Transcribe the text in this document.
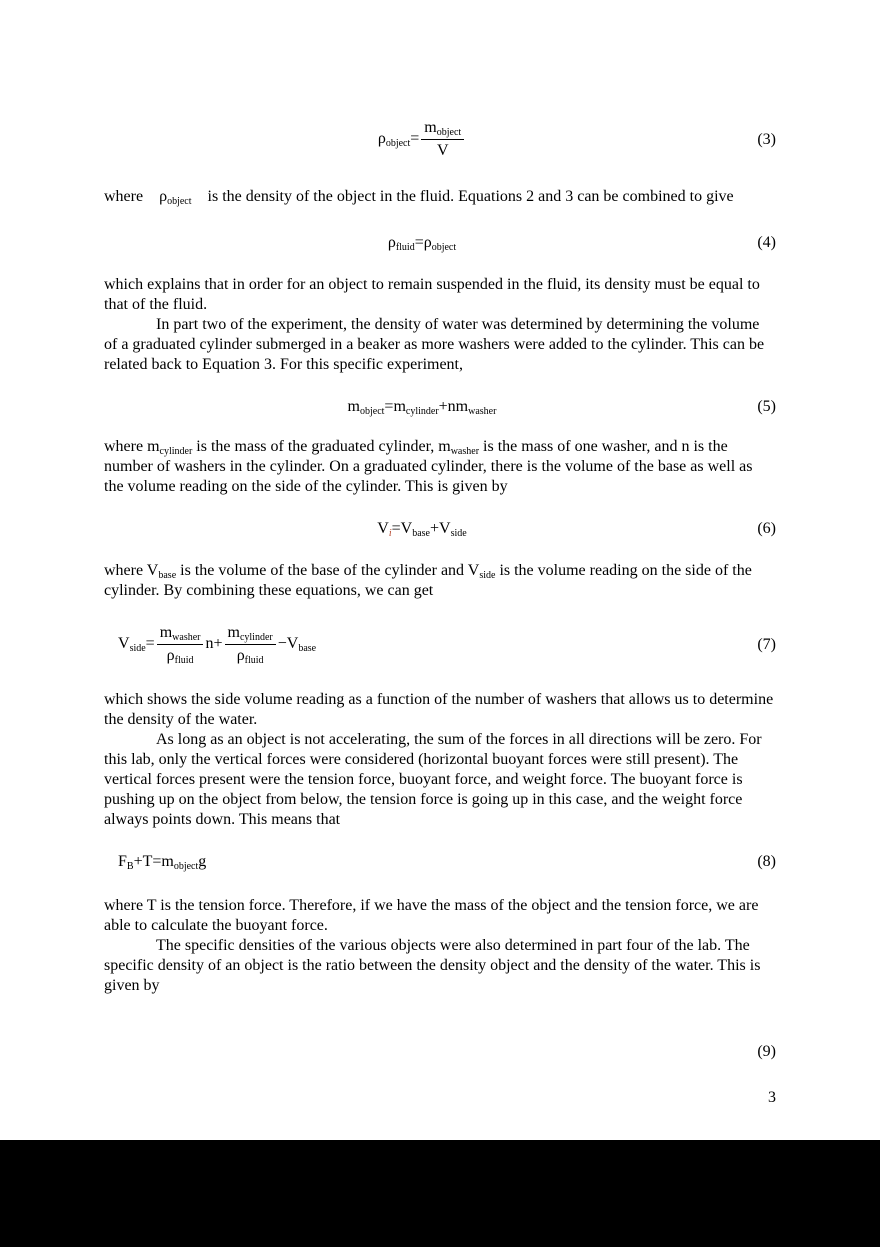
$\rho_{object}= \frac{m_{object}}{V}$	(3)

where    $\rho_{object}$    is the density of the object in the fluid. Equations 2 and 3 can be combined to give

$\rho_{fluid}=\rho_{object}$	(4)

which explains that in order for an object to remain suspended in the fluid, its density must be equal to that of the fluid.

In part two of the experiment, the density of water was determined by determining the volume of a graduated cylinder submerged in a beaker as more washers were added to the cylinder. This can be related back to Equation 3. For this specific experiment,

$m_{object}=m_{cylinder}+nm_{washer}$	(5)

where $m_{cylinder}$ is the mass of the graduated cylinder, $m_{washer}$ is the mass of one washer, and n is the number of washers in the cylinder. On a graduated cylinder, there is the volume of the base as well as the volume reading on the side of the cylinder. This is given by

$V_i=V_{base}+V_{side}$	(6)

where $V_{base}$ is the volume of the base of the cylinder and $V_{side}$ is the volume reading on the side of the cylinder. By combining these equations, we can get

$V_{side}= \frac{m_{washer}}{\rho_{fluid}} n+ \frac{m_{cylinder}}{\rho_{fluid}} -V_{base}$	(7)

which shows the side volume reading as a function of the number of washers that allows us to determine the density of the water.

As long as an object is not accelerating, the sum of the forces in all directions will be zero. For this lab, only the vertical forces were considered (horizontal buoyant forces were still present). The vertical forces present were the tension force, buoyant force, and weight force. The buoyant force is pushing up on the object from below, the tension force is going up in this case, and the weight force always points down. This means that

$F_B+T=m_{object}g$	(8)

where T is the tension force. Therefore, if we have the mass of the object and the tension force, we are able to calculate the buoyant force.

The specific densities of the various objects were also determined in part four of the lab. The specific density of an object is the ratio between the density object and the density of the water. This is given by

(9)
3
